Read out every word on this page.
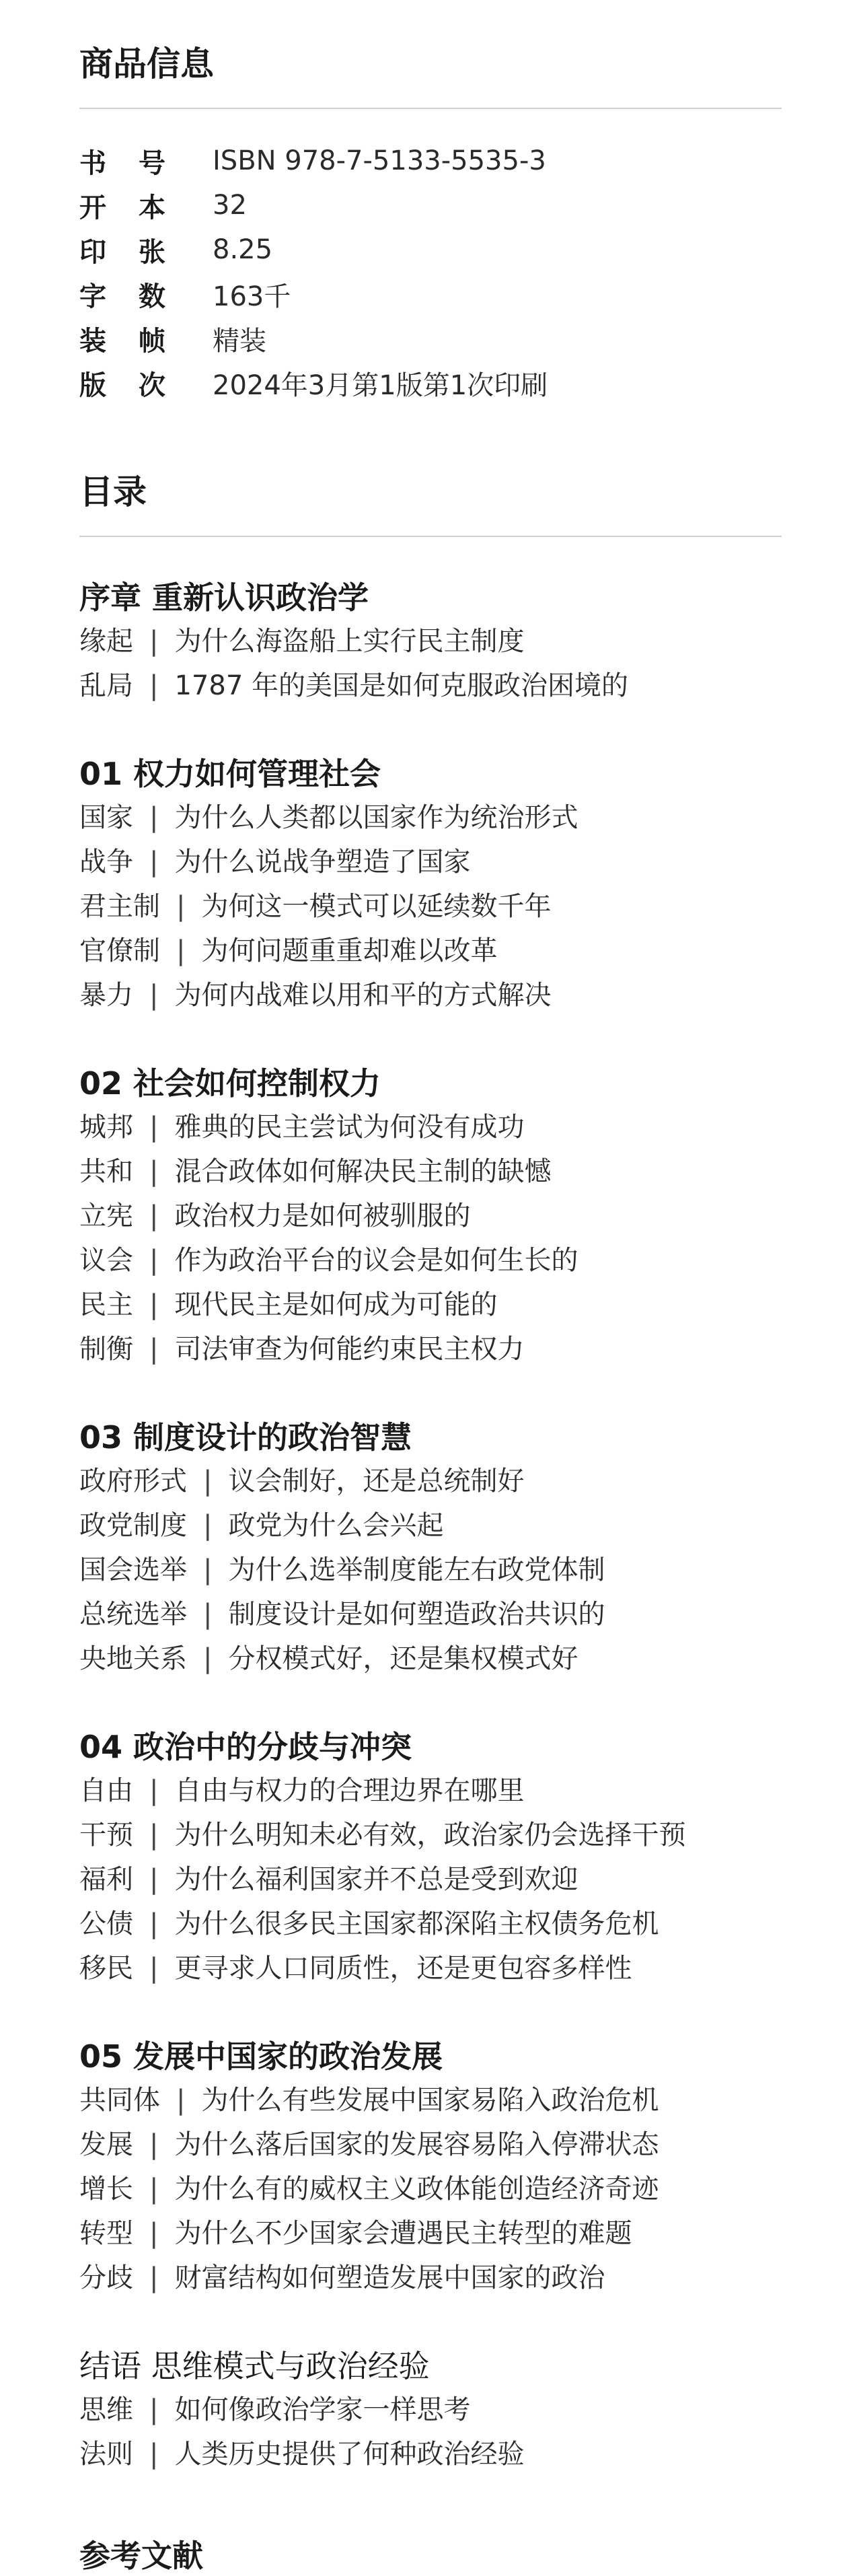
商品信息
书 号 ISBN 978-7-5133-5535-3
开 本 32
印 张 8.25
字 数 163千
装 帧 精装
版 次 2024年3月第1版第1次印刷
目录
序章 重新认识政治学
缘起 | 为什么海盗船上实行民主制度
乱局 | 1787 年的美国是如何克服政治困境的
01 权力如何管理社会
国家 | 为什么人类都以国家作为统治形式
战争 | 为什么说战争塑造了国家
君主制 | 为何这一模式可以延续数千年
官僚制 | 为何问题重重却难以改革
暴力 | 为何内战难以用和平的方式解决
02 社会如何控制权力
城邦 | 雅典的民主尝试为何没有成功
共和 | 混合政体如何解决民主制的缺憾
立宪 | 政治权力是如何被驯服的
议会 | 作为政治平台的议会是如何生长的
民主 | 现代民主是如何成为可能的
制衡 | 司法审查为何能约束民主权力
03 制度设计的政治智慧
政府形式 | 议会制好，还是总统制好
政党制度 | 政党为什么会兴起
国会选举 | 为什么选举制度能左右政党体制
总统选举 | 制度设计是如何塑造政治共识的
央地关系 | 分权模式好，还是集权模式好
04 政治中的分歧与冲突
自由 | 自由与权力的合理边界在哪里
干预 | 为什么明知未必有效，政治家仍会选择干预
福利 | 为什么福利国家并不总是受到欢迎
公债 | 为什么很多民主国家都深陷主权债务危机
移民 | 更寻求人口同质性，还是更包容多样性
05 发展中国家的政治发展
共同体 | 为什么有些发展中国家易陷入政治危机
发展 | 为什么落后国家的发展容易陷入停滞状态
增长 | 为什么有的威权主义政体能创造经济奇迹
转型 | 为什么不少国家会遭遇民主转型的难题
分歧 | 财富结构如何塑造发展中国家的政治
结语 思维模式与政治经验
思维 | 如何像政治学家一样思考
法则 | 人类历史提供了何种政治经验
参考文献
